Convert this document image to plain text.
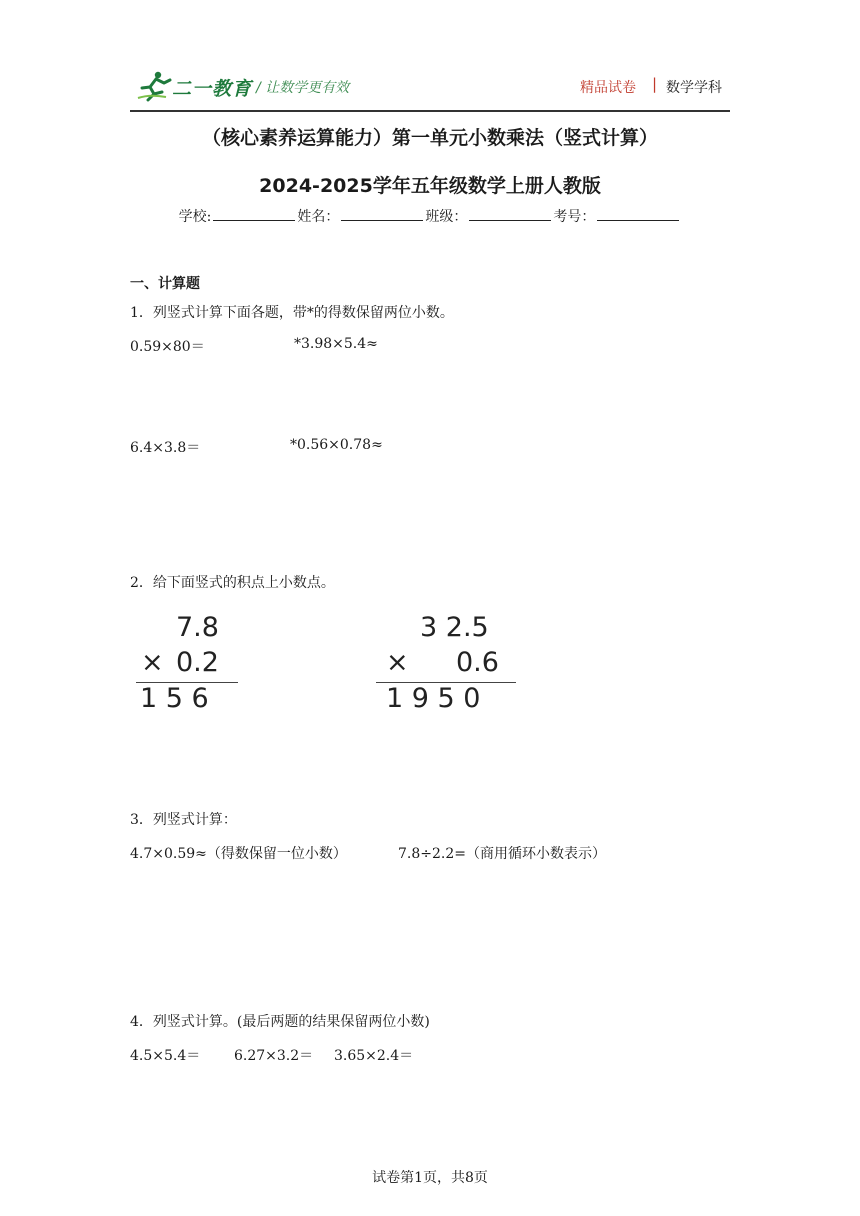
二一教育 / 让数学更有效	精品试卷 | 数学学科
（核心素养运算能力）第一单元小数乘法（竖式计算）
2024-2025学年五年级数学上册人教版
学校:	姓名：	班级：	考号：
一、计算题
1．列竖式计算下面各题，带*的得数保留两位小数。
0.59×80＝	*3.98×5.4≈
6.4×3.8＝	*0.56×0.78≈
2．给下面竖式的积点上小数点。
7.8
× 0.2
1 5 6
3 2.5
× 0.6
1 9 5 0
3．列竖式计算：
4.7×0.59≈（得数保留一位小数）	7.8÷2.2=（商用循环小数表示）
4．列竖式计算。(最后两题的结果保留两位小数)
4.5×5.4＝ 6.27×3.2＝ 3.65×2.4＝
试卷第1页，共8页
